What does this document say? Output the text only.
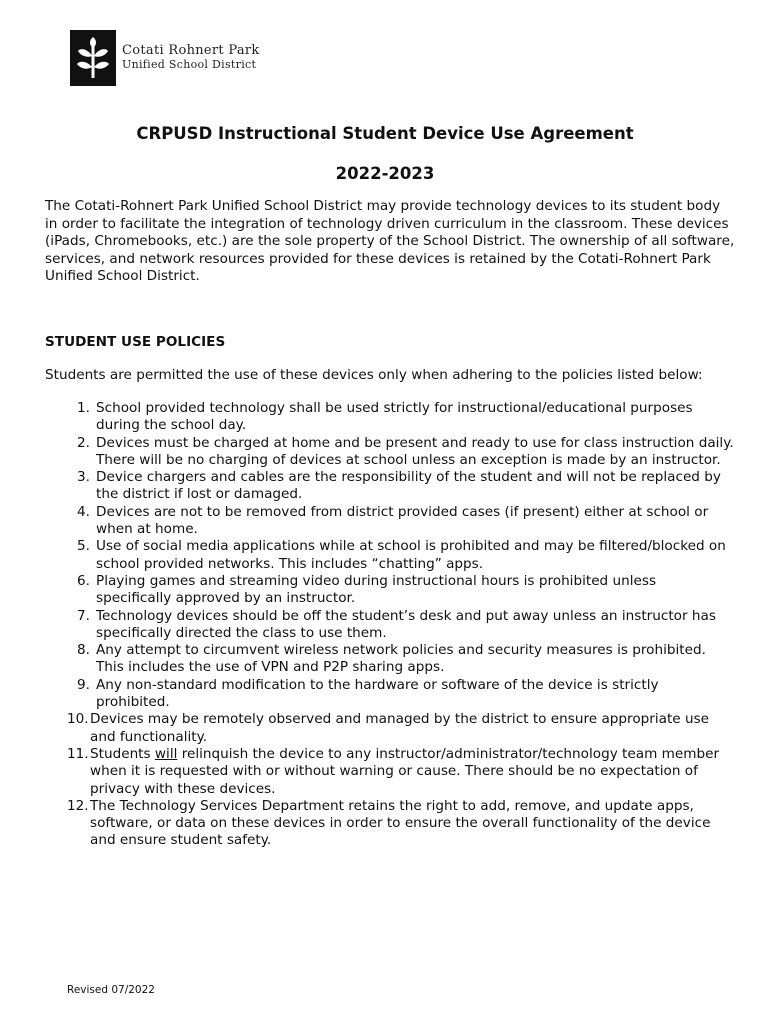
Cotati Rohnert Park
Unified School District
CRPUSD Instructional Student Device Use Agreement
2022-2023

The Cotati-Rohnert Park Unified School District may provide technology devices to its student body in order to facilitate the integration of technology driven curriculum in the classroom. These devices (iPads, Chromebooks, etc.) are the sole property of the School District. The ownership of all software, services, and network resources provided for these devices is retained by the Cotati-Rohnert Park Unified School District.

STUDENT USE POLICIES

Students are permitted the use of these devices only when adhering to the policies listed below:

1. School provided technology shall be used strictly for instructional/educational purposes during the school day.
2. Devices must be charged at home and be present and ready to use for class instruction daily. There will be no charging of devices at school unless an exception is made by an instructor.
3. Device chargers and cables are the responsibility of the student and will not be replaced by the district if lost or damaged.
4. Devices are not to be removed from district provided cases (if present) either at school or when at home.
5. Use of social media applications while at school is prohibited and may be filtered/blocked on school provided networks. This includes “chatting” apps.
6. Playing games and streaming video during instructional hours is prohibited unless specifically approved by an instructor.
7. Technology devices should be off the student’s desk and put away unless an instructor has specifically directed the class to use them.
8. Any attempt to circumvent wireless network policies and security measures is prohibited. This includes the use of VPN and P2P sharing apps.
9. Any non-standard modification to the hardware or software of the device is strictly prohibited.
10. Devices may be remotely observed and managed by the district to ensure appropriate use and functionality.
11. Students will relinquish the device to any instructor/administrator/technology team member when it is requested with or without warning or cause. There should be no expectation of privacy with these devices.
12. The Technology Services Department retains the right to add, remove, and update apps, software, or data on these devices in order to ensure the overall functionality of the device and ensure student safety.

Revised 07/2022
